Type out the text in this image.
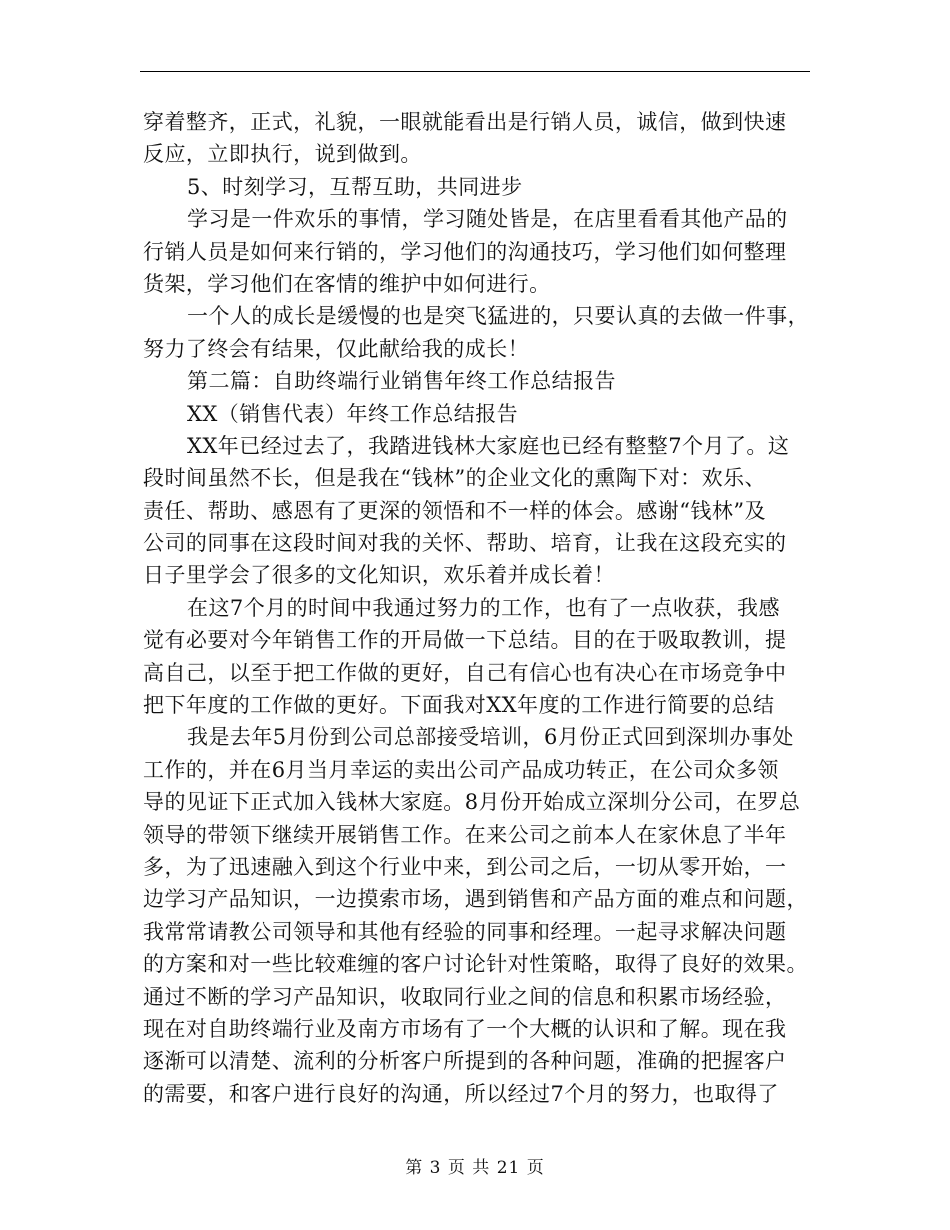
穿着整齐，正式，礼貌，一眼就能看出是行销人员，诚信，做到快速
反应，立即执行，说到做到。
5、时刻学习，互帮互助，共同进步
学习是一件欢乐的事情，学习随处皆是，在店里看看其他产品的
行销人员是如何来行销的，学习他们的沟通技巧，学习他们如何整理
货架，学习他们在客情的维护中如何进行。
一个人的成长是缓慢的也是突飞猛进的，只要认真的去做一件事，
努力了终会有结果，仅此献给我的成长！
第二篇：自助终端行业销售年终工作总结报告
XX（销售代表）年终工作总结报告
XX年已经过去了，我踏进钱林大家庭也已经有整整7个月了。这
段时间虽然不长，但是我在“钱林”的企业文化的熏陶下对：欢乐、
责任、帮助、感恩有了更深的领悟和不一样的体会。感谢“钱林”及
公司的同事在这段时间对我的关怀、帮助、培育，让我在这段充实的
日子里学会了很多的文化知识，欢乐着并成长着！
在这7个月的时间中我通过努力的工作，也有了一点收获，我感
觉有必要对今年销售工作的开局做一下总结。目的在于吸取教训，提
高自己，以至于把工作做的更好，自己有信心也有决心在市场竞争中
把下年度的工作做的更好。下面我对XX年度的工作进行简要的总结
我是去年5月份到公司总部接受培训，6月份正式回到深圳办事处
工作的，并在6月当月幸运的卖出公司产品成功转正，在公司众多领
导的见证下正式加入钱林大家庭。8月份开始成立深圳分公司，在罗总
领导的带领下继续开展销售工作。在来公司之前本人在家休息了半年
多，为了迅速融入到这个行业中来，到公司之后，一切从零开始，一
边学习产品知识，一边摸索市场，遇到销售和产品方面的难点和问题，
我常常请教公司领导和其他有经验的同事和经理。一起寻求解决问题
的方案和对一些比较难缠的客户讨论针对性策略，取得了良好的效果。
通过不断的学习产品知识，收取同行业之间的信息和积累市场经验，
现在对自助终端行业及南方市场有了一个大概的认识和了解。现在我
逐渐可以清楚、流利的分析客户所提到的各种问题，准确的把握客户
的需要，和客户进行良好的沟通，所以经过7个月的努力，也取得了
第 3 页 共 21 页
